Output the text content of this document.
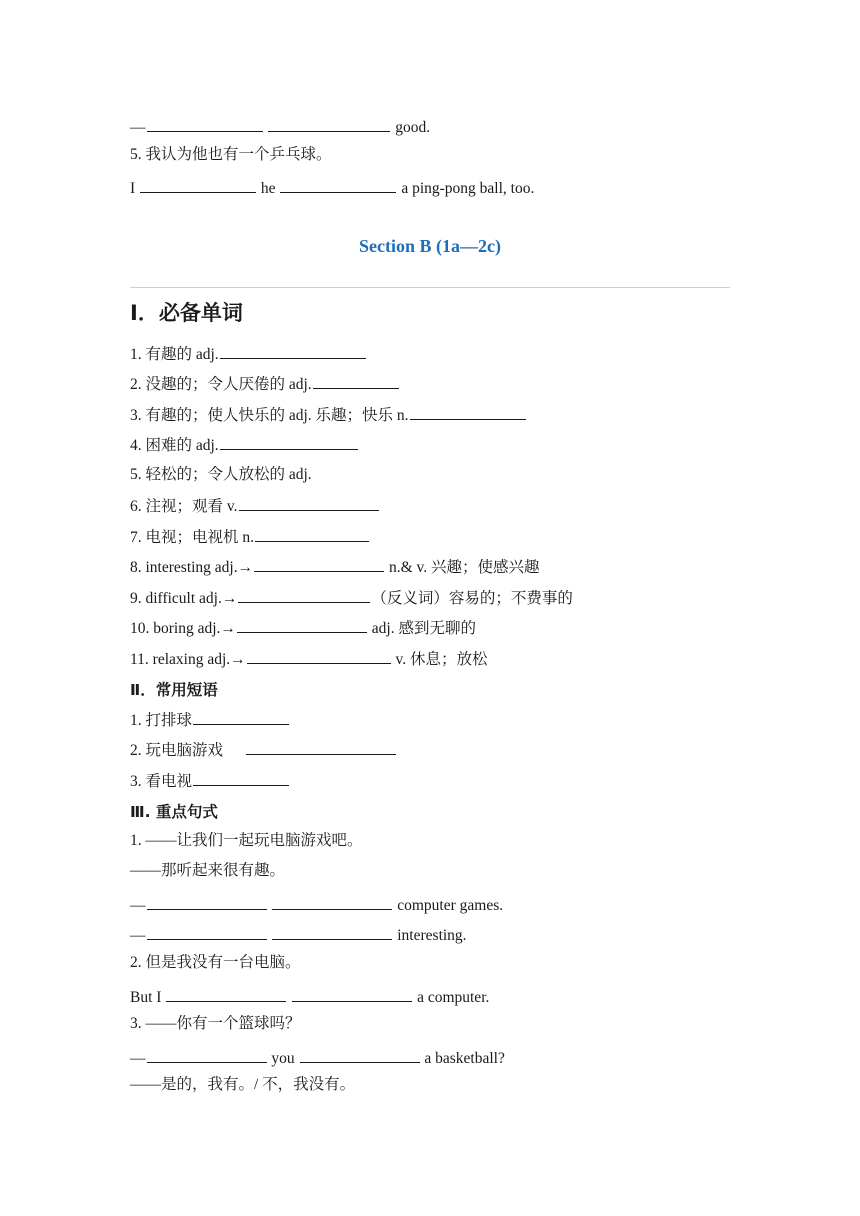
—	good.
5. 我认为他也有一个乒乓球。
I	he	a ping-pong ball, too.
Section B (1a—2c)
Ⅰ．必备单词
1. 有趣的 adj.
2. 没趣的；令人厌倦的 adj.
3. 有趣的；使人快乐的 adj. 乐趣；快乐 n.
4. 困难的 adj.
5. 轻松的；令人放松的 adj.
6. 注视；观看 v.
7. 电视；电视机 n.
8. interesting adj.→	n.& v. 兴趣；使感兴趣
9. difficult adj.→	（反义词）容易的；不费事的
10. boring adj.→	adj. 感到无聊的
11. relaxing adj.→	v. 休息；放松
Ⅱ．常用短语
1. 打排球
2. 玩电脑游戏
3. 看电视
Ⅲ. 重点句式
1. ——让我们一起玩电脑游戏吧。
——那听起来很有趣。
—	computer games.
—	interesting.
2. 但是我没有一台电脑。
But I	a computer.
3. ——你有一个篮球吗？
—	you	a basketball?
——是的，我有。/ 不，我没有。
